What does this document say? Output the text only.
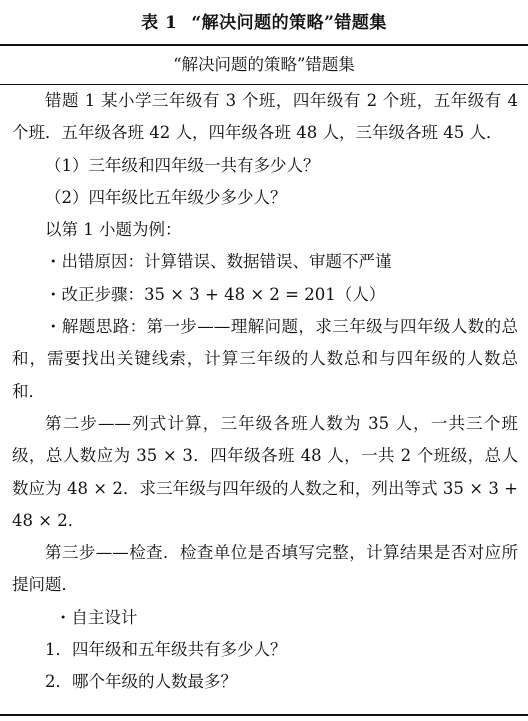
表 1 “解决问题的策略”错题集
“解决问题的策略”错题集

错题 1 某小学三年级有 3 个班，四年级有 2 个班，五年级有 4 个班．五年级各班 42 人，四年级各班 48 人，三年级各班 45 人．

（1）三年级和四年级一共有多少人？

（2）四年级比五年级少多少人？

以第 1 小题为例：

・出错原因：计算错误、数据错误、审题不严谨

・改正步骤：35 × 3 + 48 × 2 = 201（人）

・解题思路：第一步——理解问题，求三年级与四年级人数的总和，需要找出关键线索，计算三年级的人数总和与四年级的人数总和．

第二步——列式计算，三年级各班人数为 35 人，一共三个班级，总人数应为 35 × 3．四年级各班 48 人，一共 2 个班级，总人数应为 48 × 2．求三年级与四年级的人数之和，列出等式 35 × 3 + 48 × 2．

第三步——检查．检查单位是否填写完整，计算结果是否对应所提问题．

・自主设计

1．四年级和五年级共有多少人？

2．哪个年级的人数最多？
